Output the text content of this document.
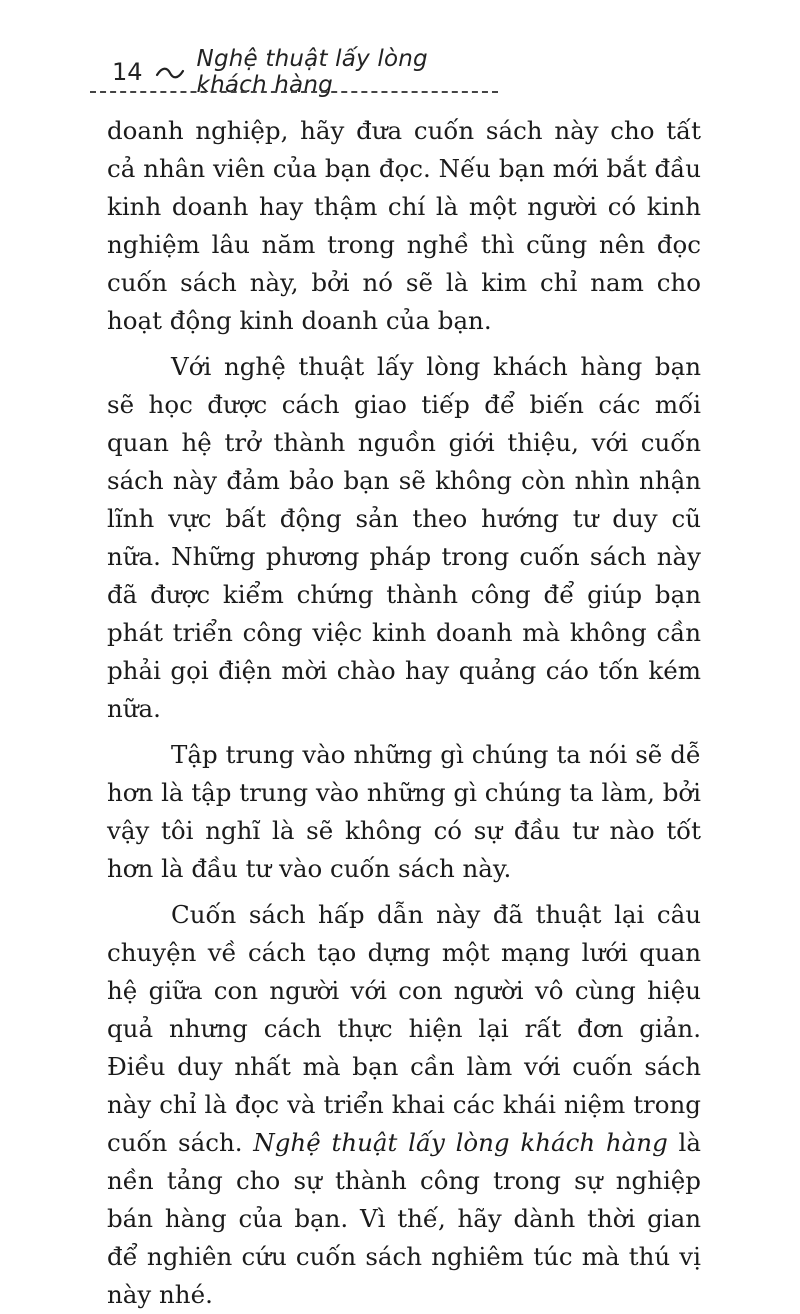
14 Nghệ thuật lấy lòng khách hàng

doanh nghiệp, hãy đưa cuốn sách này cho tất cả nhân viên của bạn đọc. Nếu bạn mới bắt đầu kinh doanh hay thậm chí là một người có kinh nghiệm lâu năm trong nghề thì cũng nên đọc cuốn sách này, bởi nó sẽ là kim chỉ nam cho hoạt động kinh doanh của bạn.

Với nghệ thuật lấy lòng khách hàng bạn sẽ học được cách giao tiếp để biến các mối quan hệ trở thành nguồn giới thiệu, với cuốn sách này đảm bảo bạn sẽ không còn nhìn nhận lĩnh vực bất động sản theo hướng tư duy cũ nữa. Những phương pháp trong cuốn sách này đã được kiểm chứng thành công để giúp bạn phát triển công việc kinh doanh mà không cần phải gọi điện mời chào hay quảng cáo tốn kém nữa.

Tập trung vào những gì chúng ta nói sẽ dễ hơn là tập trung vào những gì chúng ta làm, bởi vậy tôi nghĩ là sẽ không có sự đầu tư nào tốt hơn là đầu tư vào cuốn sách này.

Cuốn sách hấp dẫn này đã thuật lại câu chuyện về cách tạo dựng một mạng lưới quan hệ giữa con người với con người vô cùng hiệu quả nhưng cách thực hiện lại rất đơn giản. Điều duy nhất mà bạn cần làm với cuốn sách này chỉ là đọc và triển khai các khái niệm trong cuốn sách. Nghệ thuật lấy lòng khách hàng là nền tảng cho sự thành công trong sự nghiệp bán hàng của bạn. Vì thế, hãy dành thời gian để nghiên cứu cuốn sách nghiêm túc mà thú vị này nhé.
